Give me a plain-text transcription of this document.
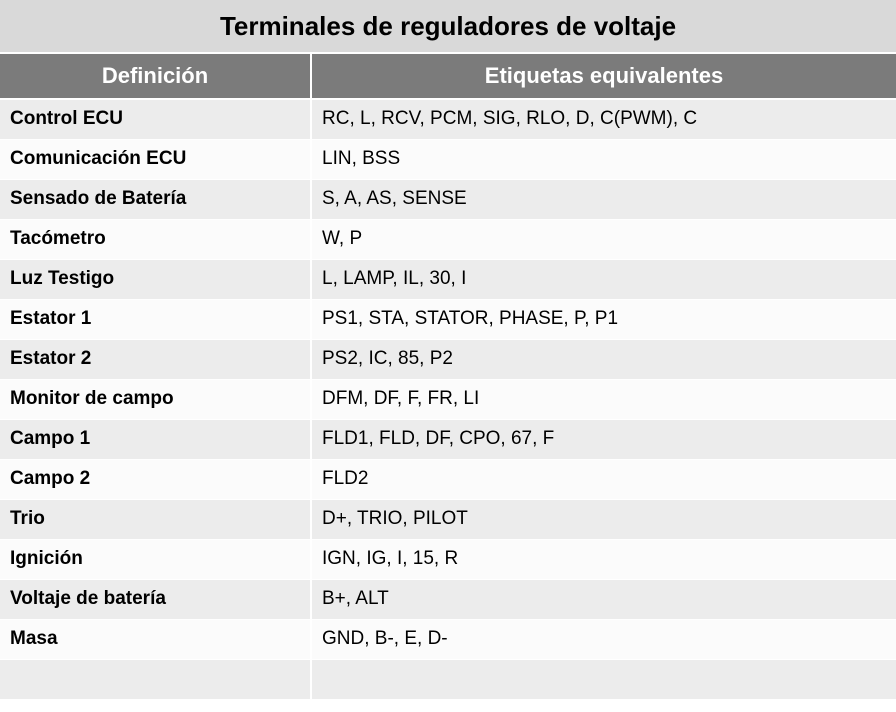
Terminales de reguladores de voltaje	
Definición	Etiquetas equivalentes
Control ECU	RC, L, RCV, PCM, SIG, RLO, D, C(PWM), C
Comunicación ECU	LIN, BSS
Sensado de Batería	S, A, AS, SENSE
Tacómetro	W, P
Luz Testigo	L, LAMP, IL, 30, I
Estator 1	PS1, STA, STATOR, PHASE, P, P1
Estator 2	PS2, IC, 85, P2
Monitor de campo	DFM, DF, F, FR, LI
Campo 1	FLD1, FLD, DF, CPO, 67, F
Campo 2	FLD2
Trio	D+, TRIO, PILOT
Ignición	IGN, IG, I, 15, R
Voltaje de batería	B+, ALT
Masa	GND, B-, E, D-
